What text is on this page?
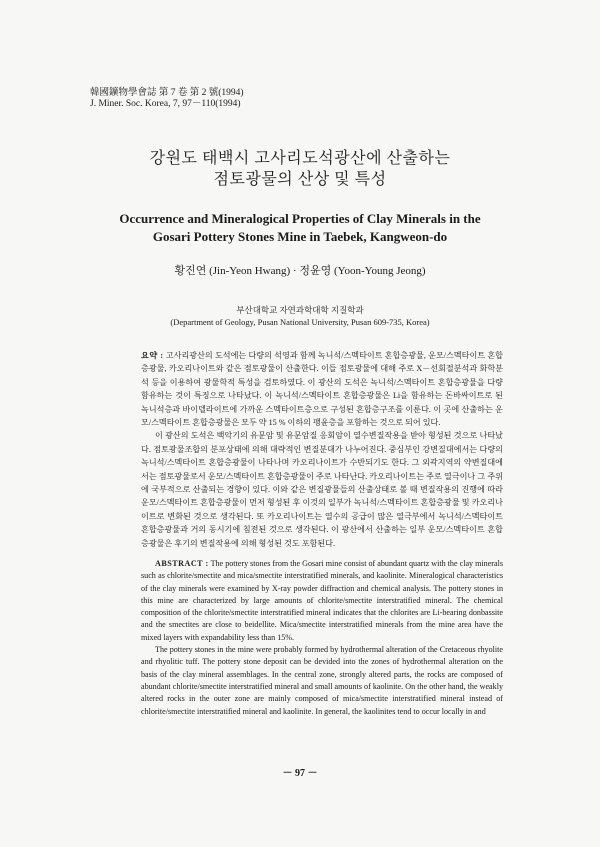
韓國鑛物學會誌 第 7 卷 第 2 號(1994)
J. Miner. Soc. Korea, 7, 97－110(1994)
강원도 태백시 고사리도석광산에 산출하는
점토광물의 산상 및 특성
Occurrence and Mineralogical Properties of Clay Minerals in the
Gosari Pottery Stones Mine in Taebek, Kangweon-do
황진연 (Jin-Yeon Hwang) · 정윤영 (Yoon-Young Jeong)
부산대학교 자연과학대학 지질학과
(Department of Geology, Pusan National University, Pusan 609-735, Korea)

요약 : 고사리광산의 도석에는 다량의 석영과 함께 녹니석/스멕타이트 혼합층광물, 운모/스멕타이트 혼합층광물, 카오리나이트와 같은 점토광물이 산출한다. 이들 점토광물에 대해 주로 X－선회절분석과 화학분석 등을 이용하여 광물학적 특성을 검토하였다. 이 광산의 도석은 녹니석/스멕타이트 혼합층광물을 다량 함유하는 것이 특징으로 나타났다. 이 녹니석/스멕타이트 혼합층광물은 Li을 함유하는 돈바싸이트로 된 녹니석층과 바이델라이트에 가까운 스멕타이트층으로 구성된 혼합층구조를 이룬다. 이 곳에 산출하는 운모/스멕타이트 혼합층광물은 모두 약 15 % 이하의 팽윤층을 포함하는 것으로 되어 있다.

이 광산의 도석은 백악기의 유문암 및 유문암질 응회암이 열수변질작용을 받아 형성된 것으로 나타났다. 점토광물조합의 분포상태에 의해 대략적인 변질분대가 나누어진다. 중심부인 강변질대에서는 다량의 녹니석/스멕타이트 혼합층광물이 나타나며 카오리나이트가 수반되기도 한다. 그 외곽지역의 약변질대에서는 점토광물로서 운모/스멕타이트 혼합층광물이 주로 나타난다. 카오리나이트는 주로 열극이나 그 주위에 국부적으로 산출되는 경향이 있다. 이와 같은 변질광물들의 산출상태로 볼 때 변질작용의 진행에 따라 운모/스멕타이트 혼합층광물이 먼저 형성된 후 이것의 일부가 녹니석/스멕타이트 혼합층광물 및 카오리나이트로 변화된 것으로 생각된다. 또 카오리나이트는 열수의 공급이 많은 열극부에서 녹니석/스멕타이트 혼합층광물과 거의 동시기에 침전된 것으로 생각된다. 이 광산에서 산출하는 일부 운모/스멕타이트 혼합층광물은 후기의 변질작용에 의해 형성된 것도 포함된다.

ABSTRACT : The pottery stones from the Gosari mine consist of abundant quartz with the clay minerals such as chlorite/smectite and mica/smectite interstratified minerals, and kaolinite. Mineralogical characteristics of the clay minerals were examined by X-ray powder diffraction and chemical analysis. The pottery stones in this mine are characterized by large amounts of chlorite/smectite interstratified mineral. The chemical composition of the chlorite/smectite interstratified mineral indicates that the chlorites are Li-bearing donbassite and the smectites are close to beidellite. Mica/smectite interstratified minerals from the mine area have the mixed layers with expandability less than 15%.

The pottery stones in the mine were probably formed by hydrothermal alteration of the Cretaceous rhyolite and rhyolitic tuff. The pottery stone deposit can be devided into the zones of hydrothermal alteration on the basis of the clay mineral assemblages. In the central zone, strongly altered parts, the rocks are composed of abundant chlorite/smectite interstratified mineral and small amounts of kaolinite. On the other hand, the weakly altered rocks in the outer zone are mainly composed of mica/smectite interstratified mineral instead of chlorite/smectite interstratified mineral and kaolinite. In general, the kaolinites tend to occur locally in and

－ 97 －
